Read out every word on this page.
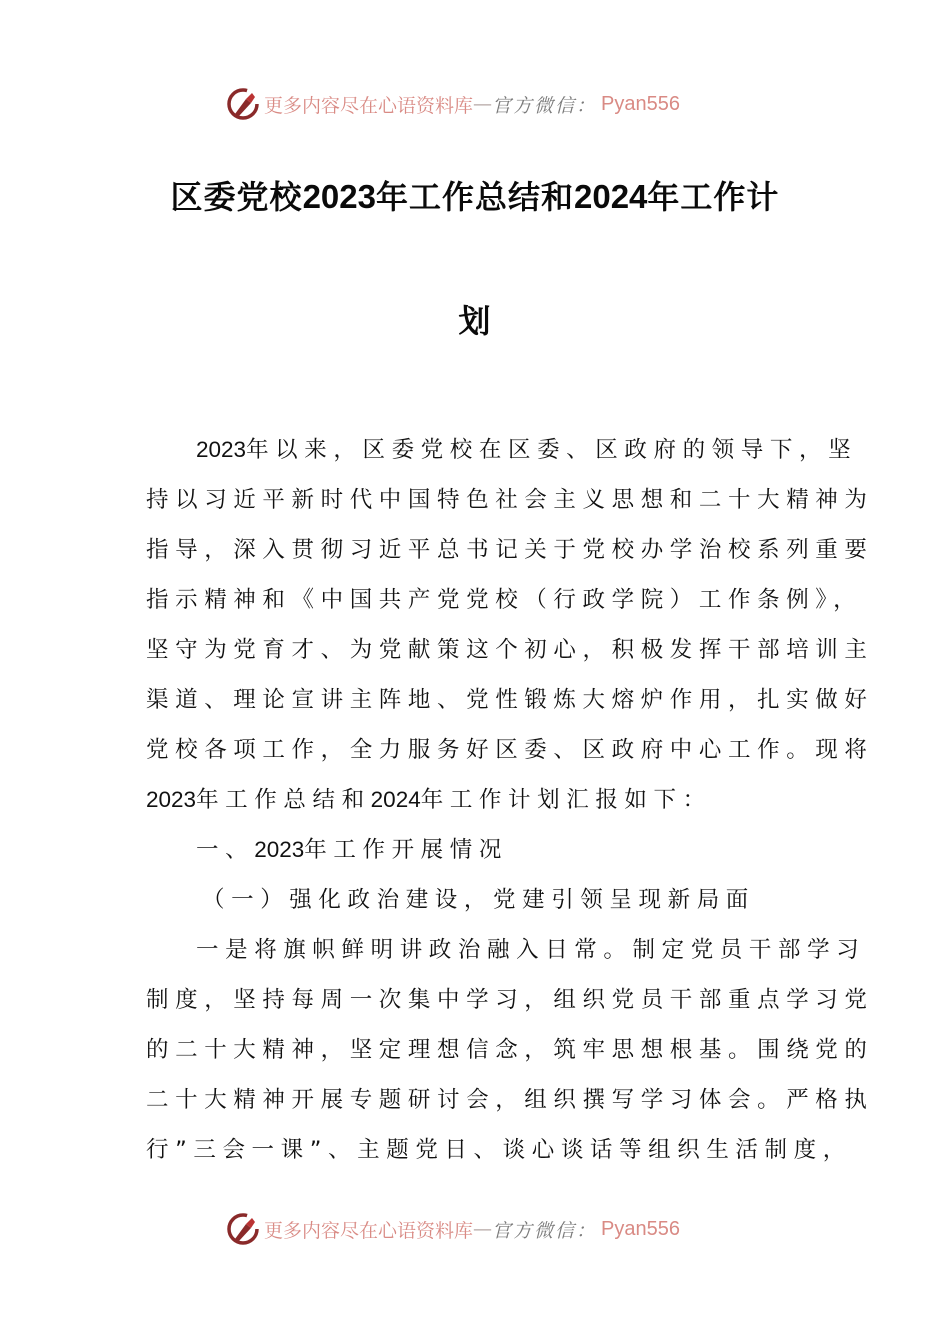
更多内容尽在心语资料库 — 官方微信： Pyan556
区委党校2023年工作总结和2024年工作计
划
2023年以来，区委党校在区委、区政府的领导下，坚
持以习近平新时代中国特色社会主义思想和二十大精神为
指导，深入贯彻习近平总书记关于党校办学治校系列重要
指示精神和《中国共产党党校（行政学院）工作条例》，
坚守为党育才、为党献策这个初心，积极发挥干部培训主
渠道、理论宣讲主阵地、党性锻炼大熔炉作用，扎实做好
党校各项工作，全力服务好区委、区政府中心工作。现将
2023年工作总结和2024年工作计划汇报如下：
一、2023年工作开展情况
（一）强化政治建设，党建引领呈现新局面
一是将旗帜鲜明讲政治融入日常。制定党员干部学习
制度，坚持每周一次集中学习，组织党员干部重点学习党
的二十大精神，坚定理想信念，筑牢思想根基。围绕党的
二十大精神开展专题研讨会，组织撰写学习体会。严格执
行”三会一课”、主题党日、谈心谈话等组织生活制度，
更多内容尽在心语资料库 — 官方微信： Pyan556
